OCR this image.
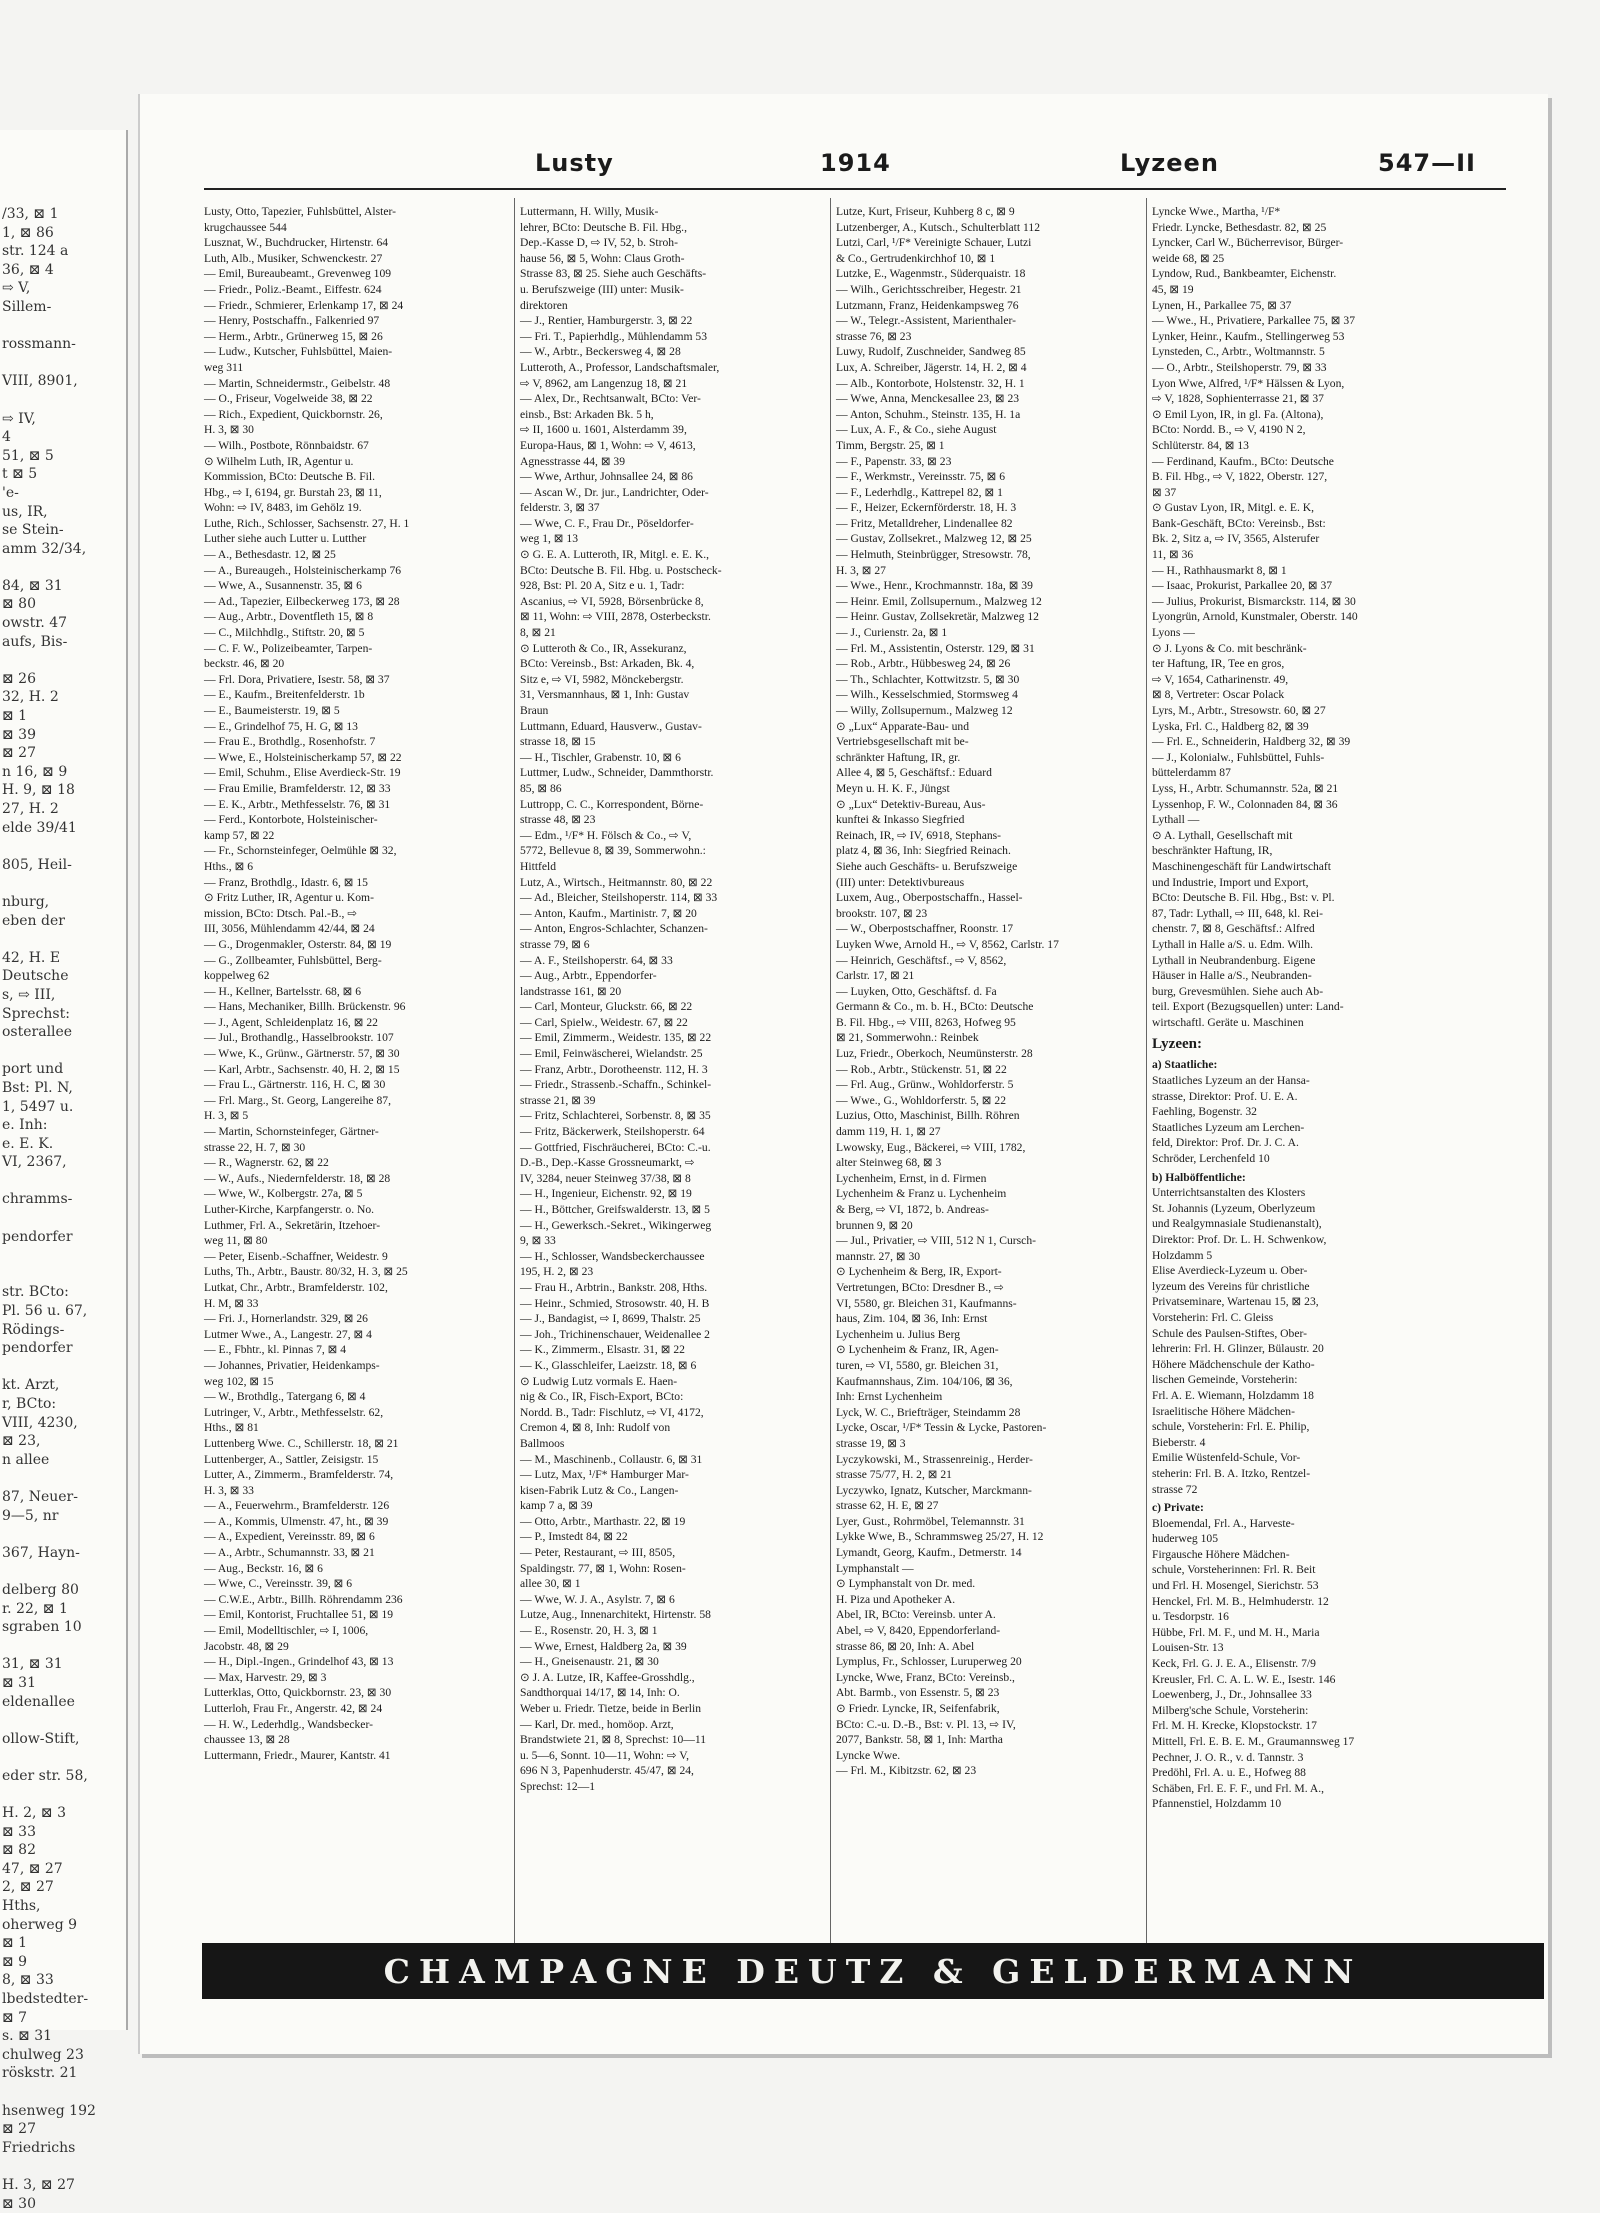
/33, ⊠ 1
1, ⊠ 86
str. 124 a
36, ⊠ 4
⇨ V,
Sillem-

rossmann-

VIII, 8901,

⇨ IV,
4
51, ⊠ 5
t ⊠ 5
'e-
us, IR,
se Stein-
amm 32/34,

84, ⊠ 31
⊠ 80
owstr. 47
aufs, Bis-

⊠ 26
32, H. 2
⊠ 1
⊠ 39
⊠ 27
n 16, ⊠ 9
H. 9, ⊠ 18
27, H. 2
elde 39/41

805, Heil-

nburg,
eben der

42, H. E
Deutsche
s, ⇨ III,
Sprechst:
osterallee

port und
Bst: Pl. N,
1, 5497 u.
e. Inh:
e. E. K.
VI, 2367,

chramms-

pendorfer

str. BCto:
Pl. 56 u. 67,
Rödings-
pendorfer

kt. Arzt,
r, BCto:
VIII, 4230,
⊠ 23,
n allee

87, Neuer-
9—5, nr

367, Hayn-

delberg 80
r. 22, ⊠ 1
sgraben 10

31, ⊠ 31
⊠ 31
eldenallee

ollow-Stift,

eder str. 58,

H. 2, ⊠ 3
⊠ 33
⊠ 82
47, ⊠ 27
2, ⊠ 27
Hths,
oherweg 9
⊠ 1
⊠ 9
8, ⊠ 33
lbedstedter-
⊠ 7
s. ⊠ 31
chulweg 23
röskstr. 21

hsenweg 192
⊠ 27
Friedrichs

H. 3, ⊠ 27
⊠ 30
Lusty	1914	Lyzeen	547—II
Lusty, Otto, Tapezier, Fuhlsbüttel, Alster-
krugchaussee 544
Lusznat, W., Buchdrucker, Hirtenstr. 64
Luth, Alb., Musiker, Schwenckestr. 27
— Emil, Bureaubeamt., Grevenweg 109
— Friedr., Poliz.-Beamt., Eiffestr. 624
— Friedr., Schmierer, Erlenkamp 17, ⊠ 24
— Henry, Postschaffn., Falkenried 97
— Herm., Arbtr., Grünerweg 15, ⊠ 26
— Ludw., Kutscher, Fuhlsbüttel, Maien-
weg 311
— Martin, Schneidermstr., Geibelstr. 48
— O., Friseur, Vogelweide 38, ⊠ 22
— Rich., Expedient, Quickbornstr. 26,
H. 3, ⊠ 30
— Wilh., Postbote, Rönnbaidstr. 67
⊙ Wilhelm Luth, IR, Agentur u.
Kommission, BCto: Deutsche B. Fil.
Hbg., ⇨ I, 6194, gr. Burstah 23, ⊠ 11,
Wohn: ⇨ IV, 8483, im Gehölz 19.
Luthe, Rich., Schlosser, Sachsenstr. 27, H. 1
Luther siehe auch Lutter u. Lutther
— A., Bethesdastr. 12, ⊠ 25
— A., Bureaugeh., Holsteinischerkamp 76
— Wwe, A., Susannenstr. 35, ⊠ 6
— Ad., Tapezier, Eilbeckerweg 173, ⊠ 28
— Aug., Arbtr., Doventfleth 15, ⊠ 8
— C., Milchhdlg., Stiftstr. 20, ⊠ 5
— C. F. W., Polizeibeamter, Tarpen-
beckstr. 46, ⊠ 20
— Frl. Dora, Privatiere, Isestr. 58, ⊠ 37
— E., Kaufm., Breitenfelderstr. 1b
— E., Baumeisterstr. 19, ⊠ 5
— E., Grindelhof 75, H. G, ⊠ 13
— Frau E., Brothdlg., Rosenhofstr. 7
— Wwe, E., Holsteinischerkamp 57, ⊠ 22
— Emil, Schuhm., Elise Averdieck-Str. 19
— Frau Emilie, Bramfelderstr. 12, ⊠ 33
— E. K., Arbtr., Methfesselstr. 76, ⊠ 31
— Ferd., Kontorbote, Holsteinischer-
kamp 57, ⊠ 22
— Fr., Schornsteinfeger, Oelmühle ⊠ 32,
Hths., ⊠ 6
— Franz, Brothdlg., Idastr. 6, ⊠ 15
⊙ Fritz Luther, IR, Agentur u. Kom-
mission, BCto: Dtsch. Pal.-B., ⇨
III, 3056, Mühlendamm 42/44, ⊠ 24
— G., Drogenmakler, Osterstr. 84, ⊠ 19
— G., Zollbeamter, Fuhlsbüttel, Berg-
koppelweg 62
— H., Kellner, Bartelsstr. 68, ⊠ 6
— Hans, Mechaniker, Billh. Brückenstr. 96
— J., Agent, Schleidenplatz 16, ⊠ 22
— Jul., Brothandlg., Hasselbrookstr. 107
— Wwe, K., Grünw., Gärtnerstr. 57, ⊠ 30
— Karl, Arbtr., Sachsenstr. 40, H. 2, ⊠ 15
— Frau L., Gärtnerstr. 116, H. C, ⊠ 30
— Frl. Marg., St. Georg, Langereihe 87,
H. 3, ⊠ 5
— Martin, Schornsteinfeger, Gärtner-
strasse 22, H. 7, ⊠ 30
— R., Wagnerstr. 62, ⊠ 22
— W., Aufs., Niedernfelderstr. 18, ⊠ 28
— Wwe, W., Kolbergstr. 27a, ⊠ 5
Luther-Kirche, Karpfangerstr. o. No.
Luthmer, Frl. A., Sekretärin, Itzehoer-
weg 11, ⊠ 80
— Peter, Eisenb.-Schaffner, Weidestr. 9
Luths, Th., Arbtr., Baustr. 80/32, H. 3, ⊠ 25
Lutkat, Chr., Arbtr., Bramfelderstr. 102,
H. M, ⊠ 33
— Fri. J., Hornerlandstr. 329, ⊠ 26
Lutmer Wwe., A., Langestr. 27, ⊠ 4
— E., Fbhtr., kl. Pinnas 7, ⊠ 4
— Johannes, Privatier, Heidenkamps-
weg 102, ⊠ 15
— W., Brothdlg., Tatergang 6, ⊠ 4
Lutringer, V., Arbtr., Methfesselstr. 62,
Hths., ⊠ 81
Luttenberg Wwe. C., Schillerstr. 18, ⊠ 21
Luttenberger, A., Sattler, Zeisigstr. 15
Lutter, A., Zimmerm., Bramfelderstr. 74,
H. 3, ⊠ 33
— A., Feuerwehrm., Bramfelderstr. 126
— A., Kommis, Ulmenstr. 47, ht., ⊠ 39
— A., Expedient, Vereinsstr. 89, ⊠ 6
— A., Arbtr., Schumannstr. 33, ⊠ 21
— Aug., Beckstr. 16, ⊠ 6
— Wwe, C., Vereinsstr. 39, ⊠ 6
— C.W.E., Arbtr., Billh. Röhrendamm 236
— Emil, Kontorist, Fruchtallee 51, ⊠ 19
— Emil, Modelltischler, ⇨ I, 1006,
Jacobstr. 48, ⊠ 29
— H., Dipl.-Ingen., Grindelhof 43, ⊠ 13
— Max, Harvestr. 29, ⊠ 3
Lutterklas, Otto, Quickbornstr. 23, ⊠ 30
Lutterloh, Frau Fr., Angerstr. 42, ⊠ 24
— H. W., Lederhdlg., Wandsbecker-
chaussee 13, ⊠ 28
Luttermann, Friedr., Maurer, Kantstr. 41
Luttermann, H. Willy, Musik-
lehrer, BCto: Deutsche B. Fil. Hbg.,
Dep.-Kasse D, ⇨ IV, 52, b. Stroh-
hause 56, ⊠ 5, Wohn: Claus Groth-
Strasse 83, ⊠ 25. Siehe auch Geschäfts-
u. Berufszweige (III) unter: Musik-
direktoren
— J., Rentier, Hamburgerstr. 3, ⊠ 22
— Fri. T., Papierhdlg., Mühlendamm 53
— W., Arbtr., Beckersweg 4, ⊠ 28
Lutteroth, A., Professor, Landschaftsmaler,
⇨ V, 8962, am Langenzug 18, ⊠ 21
— Alex, Dr., Rechtsanwalt, BCto: Ver-
einsb., Bst: Arkaden Bk. 5 h,
⇨ II, 1600 u. 1601, Alsterdamm 39,
Europa-Haus, ⊠ 1, Wohn: ⇨ V, 4613,
Agnesstrasse 44, ⊠ 39
— Wwe, Arthur, Johnsallee 24, ⊠ 86
— Ascan W., Dr. jur., Landrichter, Oder-
felderstr. 3, ⊠ 37
— Wwe, C. F., Frau Dr., Pöseldorfer-
weg 1, ⊠ 13
⊙ G. E. A. Lutteroth, IR, Mitgl. e. E. K.,
BCto: Deutsche B. Fil. Hbg. u. Postscheck-
928, Bst: Pl. 20 A, Sitz e u. 1, Tadr:
Ascanius, ⇨ VI, 5928, Börsenbrücke 8,
⊠ 11, Wohn: ⇨ VIII, 2878, Osterbeckstr.
8, ⊠ 21
⊙ Lutteroth & Co., IR, Assekuranz,
BCto: Vereinsb., Bst: Arkaden, Bk. 4,
Sitz e, ⇨ VI, 5982, Mönckebergstr.
31, Versmannhaus, ⊠ 1, Inh: Gustav
Braun
Luttmann, Eduard, Hausverw., Gustav-
strasse 18, ⊠ 15
— H., Tischler, Grabenstr. 10, ⊠ 6
Luttmer, Ludw., Schneider, Dammthorstr.
85, ⊠ 86
Luttropp, C. C., Korrespondent, Börne-
strasse 48, ⊠ 23
— Edm., ¹/F* H. Fölsch & Co., ⇨ V,
5772, Bellevue 8, ⊠ 39, Sommerwohn.:
Hittfeld
Lutz, A., Wirtsch., Heitmannstr. 80, ⊠ 22
— Ad., Bleicher, Steilshoperstr. 114, ⊠ 33
— Anton, Kaufm., Martinistr. 7, ⊠ 20
— Anton, Engros-Schlachter, Schanzen-
strasse 79, ⊠ 6
— A. F., Steilshoperstr. 64, ⊠ 33
— Aug., Arbtr., Eppendorfer-
landstrasse 161, ⊠ 20
— Carl, Monteur, Gluckstr. 66, ⊠ 22
— Carl, Spielw., Weidestr. 67, ⊠ 22
— Emil, Zimmerm., Weidestr. 135, ⊠ 22
— Emil, Feinwäscherei, Wielandstr. 25
— Franz, Arbtr., Dorotheenstr. 112, H. 3
— Friedr., Strassenb.-Schaffn., Schinkel-
strasse 21, ⊠ 39
— Fritz, Schlachterei, Sorbenstr. 8, ⊠ 35
— Fritz, Bäckerwerk, Steilshoperstr. 64
— Gottfried, Fischräucherei, BCto: C.-u.
D.-B., Dep.-Kasse Grossneumarkt, ⇨
IV, 3284, neuer Steinweg 37/38, ⊠ 8
— H., Ingenieur, Eichenstr. 92, ⊠ 19
— H., Böttcher, Greifswalderstr. 13, ⊠ 5
— H., Gewerksch.-Sekret., Wikingerweg
9, ⊠ 33
— H., Schlosser, Wandsbeckerchaussee
195, H. 2, ⊠ 23
— Frau H., Arbtrin., Bankstr. 208, Hths.
— Heinr., Schmied, Strosowstr. 40, H. B
— J., Bandagist, ⇨ I, 8699, Thalstr. 25
— Joh., Trichinenschauer, Weidenallee 2
— K., Zimmerm., Elsastr. 31, ⊠ 22
— K., Glasschleifer, Laeizstr. 18, ⊠ 6
⊙ Ludwig Lutz vormals E. Haen-
nig & Co., IR, Fisch-Export, BCto:
Nordd. B., Tadr: Fischlutz, ⇨ VI, 4172,
Cremon 4, ⊠ 8, Inh: Rudolf von
Ballmoos
— M., Maschinenb., Collaustr. 6, ⊠ 31
— Lutz, Max, ¹/F* Hamburger Mar-
kisen-Fabrik Lutz & Co., Langen-
kamp 7 a, ⊠ 39
— Otto, Arbtr., Marthastr. 22, ⊠ 19
— P., Imstedt 84, ⊠ 22
— Peter, Restaurant, ⇨ III, 8505,
Spaldingstr. 77, ⊠ 1, Wohn: Rosen-
allee 30, ⊠ 1
— Wwe, W. J. A., Asylstr. 7, ⊠ 6
Lutze, Aug., Innenarchitekt, Hirtenstr. 58
— E., Rosenstr. 20, H. 3, ⊠ 1
— Wwe, Ernest, Haldberg 2a, ⊠ 39
— H., Gneisenaustr. 21, ⊠ 30
⊙ J. A. Lutze, IR, Kaffee-Grosshdlg.,
Sandthorquai 14/17, ⊠ 14, Inh: O.
Weber u. Friedr. Tietze, beide in Berlin
— Karl, Dr. med., homöop. Arzt,
Brandstwiete 21, ⊠ 8, Sprechst: 10—11
u. 5—6, Sonnt. 10—11, Wohn: ⇨ V,
696 N 3, Papenhuderstr. 45/47, ⊠ 24,
Sprechst: 12—1
Lutze, Kurt, Friseur, Kuhberg 8 c, ⊠ 9
Lutzenberger, A., Kutsch., Schulterblatt 112
Lutzi, Carl, ¹/F* Vereinigte Schauer, Lutzi
& Co., Gertrudenkirchhof 10, ⊠ 1
Lutzke, E., Wagenmstr., Süderquaistr. 18
— Wilh., Gerichtsschreiber, Hegestr. 21
Lutzmann, Franz, Heidenkampsweg 76
— W., Telegr.-Assistent, Marienthaler-
strasse 76, ⊠ 23
Luwy, Rudolf, Zuschneider, Sandweg 85
Lux, A. Schreiber, Jägerstr. 14, H. 2, ⊠ 4
— Alb., Kontorbote, Holstenstr. 32, H. 1
— Wwe, Anna, Menckesallee 23, ⊠ 23
— Anton, Schuhm., Steinstr. 135, H. 1a
— Lux, A. F., & Co., siehe August
Timm, Bergstr. 25, ⊠ 1
— F., Papenstr. 33, ⊠ 23
— F., Werkmstr., Vereinsstr. 75, ⊠ 6
— F., Lederhdlg., Kattrepel 82, ⊠ 1
— F., Heizer, Eckernförderstr. 18, H. 3
— Fritz, Metalldreher, Lindenallee 82
— Gustav, Zollsekret., Malzweg 12, ⊠ 25
— Helmuth, Steinbrügger, Stresowstr. 78,
H. 3, ⊠ 27
— Wwe., Henr., Krochmannstr. 18a, ⊠ 39
— Heinr. Emil, Zollsupernum., Malzweg 12
— Heinr. Gustav, Zollsekretär, Malzweg 12
— J., Curienstr. 2a, ⊠ 1
— Frl. M., Assistentin, Osterstr. 129, ⊠ 31
— Rob., Arbtr., Hübbesweg 24, ⊠ 26
— Th., Schlachter, Kottwitzstr. 5, ⊠ 30
— Wilh., Kesselschmied, Stormsweg 4
— Willy, Zollsupernum., Malzweg 12
⊙ „Lux“ Apparate-Bau- und
Vertriebsgesellschaft mit be-
schränkter Haftung, IR, gr.
Allee 4, ⊠ 5, Geschäftsf.: Eduard
Meyn u. H. K. F., Jüngst
⊙ „Lux“ Detektiv-Bureau, Aus-
kunftei & Inkasso Siegfried
Reinach, IR, ⇨ IV, 6918, Stephans-
platz 4, ⊠ 36, Inh: Siegfried Reinach.
Siehe auch Geschäfts- u. Berufszweige
(III) unter: Detektivbureaus
Luxem, Aug., Oberpostschaffn., Hassel-
brookstr. 107, ⊠ 23
— W., Oberpostschaffner, Roonstr. 17
Luyken Wwe, Arnold H., ⇨ V, 8562, Carlstr. 17
— Heinrich, Geschäftsf., ⇨ V, 8562,
Carlstr. 17, ⊠ 21
— Luyken, Otto, Geschäftsf. d. Fa
Germann & Co., m. b. H., BCto: Deutsche
B. Fil. Hbg., ⇨ VIII, 8263, Hofweg 95
⊠ 21, Sommerwohn.: Reinbek
Luz, Friedr., Oberkoch, Neumünsterstr. 28
— Rob., Arbtr., Stückenstr. 51, ⊠ 22
— Frl. Aug., Grünw., Wohldorferstr. 5
— Wwe., G., Wohldorferstr. 5, ⊠ 22
Luzius, Otto, Maschinist, Billh. Röhren
damm 119, H. 1, ⊠ 27
Lwowsky, Eug., Bäckerei, ⇨ VIII, 1782,
alter Steinweg 68, ⊠ 3
Lychenheim, Ernst, in d. Firmen
Lychenheim & Franz u. Lychenheim
& Berg, ⇨ VI, 1872, b. Andreas-
brunnen 9, ⊠ 20
— Jul., Privatier, ⇨ VIII, 512 N 1, Cursch-
mannstr. 27, ⊠ 30
⊙ Lychenheim & Berg, IR, Export-
Vertretungen, BCto: Dresdner B., ⇨
VI, 5580, gr. Bleichen 31, Kaufmanns-
haus, Zim. 104, ⊠ 36, Inh: Ernst
Lychenheim u. Julius Berg
⊙ Lychenheim & Franz, IR, Agen-
turen, ⇨ VI, 5580, gr. Bleichen 31,
Kaufmannshaus, Zim. 104/106, ⊠ 36,
Inh: Ernst Lychenheim
Lyck, W. C., Briefträger, Steindamm 28
Lycke, Oscar, ¹/F* Tessin & Lycke, Pastoren-
strasse 19, ⊠ 3
Lyczykowski, M., Strassenreinig., Herder-
strasse 75/77, H. 2, ⊠ 21
Lyczywko, Ignatz, Kutscher, Marckmann-
strasse 62, H. E, ⊠ 27
Lyer, Gust., Rohrmöbel, Telemannstr. 31
Lykke Wwe, B., Schrammsweg 25/27, H. 12
Lymandt, Georg, Kaufm., Detmerstr. 14
Lymphanstalt —
⊙ Lymphanstalt von Dr. med.
H. Piza und Apotheker A.
Abel, IR, BCto: Vereinsb. unter A.
Abel, ⇨ V, 8420, Eppendorferland-
strasse 86, ⊠ 20, Inh: A. Abel
Lymplus, Fr., Schlosser, Luruperweg 20
Lyncke, Wwe, Franz, BCto: Vereinsb.,
Abt. Barmb., von Essenstr. 5, ⊠ 23
⊙ Friedr. Lyncke, IR, Seifenfabrik,
BCto: C.-u. D.-B., Bst: v. Pl. 13, ⇨ IV,
2077, Bankstr. 58, ⊠ 1, Inh: Martha
Lyncke Wwe.
— Frl. M., Kibitzstr. 62, ⊠ 23
Lyncke Wwe., Martha, ¹/F*
Friedr. Lyncke, Bethesdastr. 82, ⊠ 25
Lyncker, Carl W., Bücherrevisor, Bürger-
weide 68, ⊠ 25
Lyndow, Rud., Bankbeamter, Eichenstr.
45, ⊠ 19
Lynen, H., Parkallee 75, ⊠ 37
— Wwe., H., Privatiere, Parkallee 75, ⊠ 37
Lynker, Heinr., Kaufm., Stellingerweg 53
Lynsteden, C., Arbtr., Woltmannstr. 5
— O., Arbtr., Steilshoperstr. 79, ⊠ 33
Lyon Wwe, Alfred, ¹/F* Hälssen & Lyon,
⇨ V, 1828, Sophienterrasse 21, ⊠ 37
⊙ Emil Lyon, IR, in gl. Fa. (Altona),
BCto: Nordd. B., ⇨ V, 4190 N 2,
Schlüterstr. 84, ⊠ 13
— Ferdinand, Kaufm., BCto: Deutsche
B. Fil. Hbg., ⇨ V, 1822, Oberstr. 127,
⊠ 37
⊙ Gustav Lyon, IR, Mitgl. e. E. K,
Bank-Geschäft, BCto: Vereinsb., Bst:
Bk. 2, Sitz a, ⇨ IV, 3565, Alsterufer
11, ⊠ 36
— H., Rathhausmarkt 8, ⊠ 1
— Isaac, Prokurist, Parkallee 20, ⊠ 37
— Julius, Prokurist, Bismarckstr. 114, ⊠ 30
Lyongrün, Arnold, Kunstmaler, Oberstr. 140
Lyons —
⊙ J. Lyons & Co. mit beschränk-
ter Haftung, IR, Tee en gros,
⇨ V, 1654, Catharinenstr. 49,
⊠ 8, Vertreter: Oscar Polack
Lyrs, M., Arbtr., Stresowstr. 60, ⊠ 27
Lyska, Frl. C., Haldberg 82, ⊠ 39
— Frl. E., Schneiderin, Haldberg 32, ⊠ 39
— J., Kolonialw., Fuhlsbüttel, Fuhls-
büttelerdamm 87
Lyss, H., Arbtr. Schumannstr. 52a, ⊠ 21
Lyssenhop, F. W., Colonnaden 84, ⊠ 36
Lythall —
⊙ A. Lythall, Gesellschaft mit
beschränkter Haftung, IR,
Maschinengeschäft für Landwirtschaft
und Industrie, Import und Export,
BCto: Deutsche B. Fil. Hbg., Bst: v. Pl.
87, Tadr: Lythall, ⇨ III, 648, kl. Rei-
chenstr. 7, ⊠ 8, Geschäftsf.: Alfred
Lythall in Halle a/S. u. Edm. Wilh.
Lythall in Neubrandenburg. Eigene
Häuser in Halle a/S., Neubranden-
burg, Grevesmühlen. Siehe auch Ab-
teil. Export (Bezugsquellen) unter: Land-
wirtschaftl. Geräte u. Maschinen
Lyzeen:
a) Staatliche:
Staatliches Lyzeum an der Hansa-
strasse, Direktor: Prof. U. E. A.
Faehling, Bogenstr. 32
Staatliches Lyzeum am Lerchen-
feld, Direktor: Prof. Dr. J. C. A.
Schröder, Lerchenfeld 10
b) Halböffentliche:
Unterrichtsanstalten des Klosters
St. Johannis (Lyzeum, Oberlyzeum
und Realgymnasiale Studienanstalt),
Direktor: Prof. Dr. L. H. Schwenkow,
Holzdamm 5
Elise Averdieck-Lyzeum u. Ober-
lyzeum des Vereins für christliche
Privatseminare, Wartenau 15, ⊠ 23,
Vorsteherin: Frl. C. Gleiss
Schule des Paulsen-Stiftes, Ober-
lehrerin: Frl. H. Glinzer, Bülaustr. 20
Höhere Mädchenschule der Katho-
lischen Gemeinde, Vorsteherin:
Frl. A. E. Wiemann, Holzdamm 18
Israelitische Höhere Mädchen-
schule, Vorsteherin: Frl. E. Philip,
Bieberstr. 4
Emilie Wüstenfeld-Schule, Vor-
steherin: Frl. B. A. Itzko, Rentzel-
strasse 72
c) Private:
Bloemendal, Frl. A., Harvestе-
huderweg 105
Firgausche Höhere Mädchen-
schule, Vorsteherinnen: Frl. R. Beit
und Frl. H. Mosengel, Sierichstr. 53
Henckel, Frl. M. B., Helmhuderstr. 12
u. Tesdorpstr. 16
Hübbe, Frl. M. F., und M. H., Maria
Louisen-Str. 13
Keck, Frl. G. J. E. A., Elisenstr. 7/9
Kreusler, Frl. C. A. L. W. E., Isestr. 146
Loewenberg, J., Dr., Johnsallee 33
Milberg'sche Schule, Vorsteherin:
Frl. M. H. Krecke, Klopstockstr. 17
Mittell, Frl. E. B. E. M., Graumannsweg 17
Pechner, J. O. R., v. d. Tannstr. 3
Predöhl, Frl. A. u. E., Hofweg 88
Schäben, Frl. E. F. F., und Frl. M. A.,
Pfannenstiel, Holzdamm 10
CHAMPAGNE DEUTZ & GELDERMANN
